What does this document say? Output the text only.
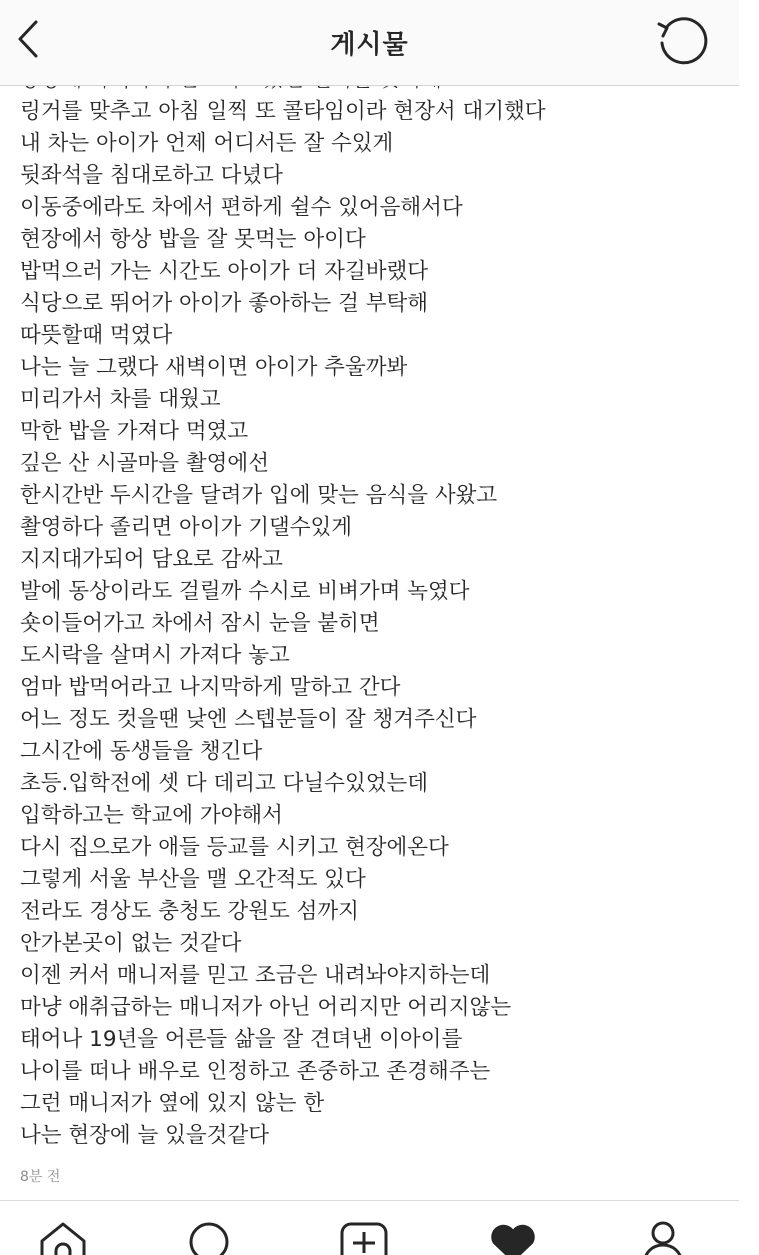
게시물
링거를 맞추고 아침 일찍 또 콜타임이라 현장서 대기했다
내 차는 아이가 언제 어디서든 잘 수있게
뒷좌석을 침대로하고 다녔다
이동중에라도 차에서 편하게 쉴수 있어음해서다
현장에서 항상 밥을 잘 못먹는 아이다
밥먹으러 가는 시간도 아이가 더 자길바랬다
식당으로 뛰어가 아이가 좋아하는 걸 부탁해
따뜻할때 먹였다
나는 늘 그랬다 새벽이면 아이가 추울까봐
미리가서 차를 대웠고
막한 밥을 가져다 먹였고
깊은 산 시골마을 촬영에선
한시간반 두시간을 달려가 입에 맞는 음식을 사왔고
촬영하다 졸리면 아이가 기댈수있게
지지대가되어 담요로 감싸고
발에 동상이라도 걸릴까 수시로 비벼가며 녹였다
숏이들어가고 차에서 잠시 눈을 붙히면
도시락을 살며시 가져다 놓고
엄마 밥먹어라고 나지막하게 말하고 간다
어느 정도 컷을땐 낮엔 스텝분들이 잘 챙겨주신다
그시간에 동생들을 챙긴다
초등.입학전에 셋 다 데리고 다닐수있었는데
입학하고는 학교에 가야해서
다시 집으로가 애들 등교를 시키고 현장에온다
그렇게 서울 부산을 맬 오간적도 있다
전라도 경상도 충청도 강원도 섬까지
안가본곳이 없는 것같다
이젠 커서 매니저를 믿고 조금은 내려놔야지하는데
마냥 애취급하는 매니저가 아닌 어리지만 어리지않는
태어나 19년을 어른들 삶을 잘 견뎌낸 이아이를
나이를 떠나 배우로 인정하고 존중하고 존경해주는
그런 매니저가 옆에 있지 않는 한
나는 현장에 늘 있을것같다
8분 전
